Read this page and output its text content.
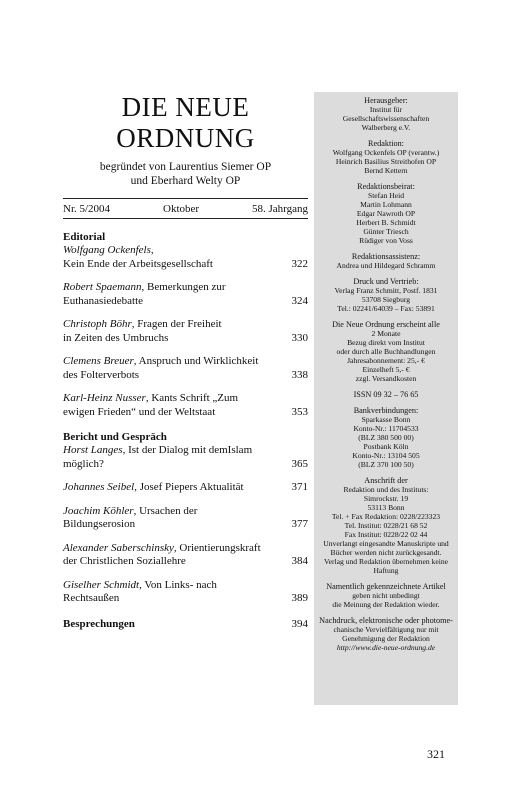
DIE NEUE
ORDNUNG
begründet von Laurentius Siemer OP
und Eberhard Welty OP
Nr. 5/2004	Oktober	58. Jahrgang
Editorial
Wolfgang Ockenfels,
Kein Ende der Arbeitsgesellschaft	322
Robert Spaemann, Bemerkungen zur
Euthanasiedebatte	324
Christoph Böhr, Fragen der Freiheit
in Zeiten des Umbruchs	330
Clemens Breuer, Anspruch und Wirklichkeit
des Folterverbots	338
Karl-Heinz Nusser, Kants Schrift „Zum
ewigen Frieden“ und der Weltstaat	353
Bericht und Gespräch
Horst Langes, Ist der Dialog mit demIslam
möglich?	365
Johannes Seibel, Josef Piepers Aktualität	371
Joachim Köhler, Ursachen der
Bildungserosion	377
Alexander Saberschinsky, Orientierungskraft
der Christlichen Soziallehre	384
Giselher Schmidt, Von Links- nach
Rechtsaußen	389
Besprechungen	394
Herausgeber:
Institut für
Gesellschaftswissenschaften
Walberberg e.V.
Redaktion:
Wolfgang Ockenfels OP (verantw.)
Heinrich Basilius Streithofen OP
Bernd Kettern
Redaktionsbeirat:
Stefan Heid
Martin Lohmann
Edgar Nawroth OP
Herbert B. Schmidt
Günter Triesch
Rüdiger von Voss
Redaktionsassistenz:
Andrea und Hildegard Schramm
Druck und Vertrieb:
Verlag Franz Schmitt, Postf. 1831
53708 Siegburg
Tel.: 02241/64039 – Fax: 53891
Die Neue Ordnung erscheint alle
2 Monate
Bezug direkt vom Institut
oder durch alle Buchhandlungen
Jahresabonnement: 25,- €
Einzelheft 5,- €
zzgl. Versandkosten
ISSN 09 32 – 76 65
Bankverbindungen:
Sparkasse Bonn
Konto-Nr.: 11704533
(BLZ 380 500 00)
Postbank Köln
Konto-Nr.: 13104 505
(BLZ 370 100 50)
Anschrift der
Redaktion und des Instituts:
Simrockstr. 19
53113 Bonn
Tel. + Fax Redaktion: 0228/223323
Tel. Institut: 0228/21 68 52
Fax Institut: 0228/22 02 44
Unverlangt eingesandte Manuskripte und
Bücher werden nicht zurückgesandt.
Verlag und Redaktion übernehmen keine
Haftung
Namentlich gekennzeichnete Artikel
geben nicht unbedingt
die Meinung der Redaktion wieder.
Nachdruck, elektronische oder photome-
chanische Vervielfältigung nur mit
Genehmigung der Redaktion
http://www.die-neue-ordnung.de
321
